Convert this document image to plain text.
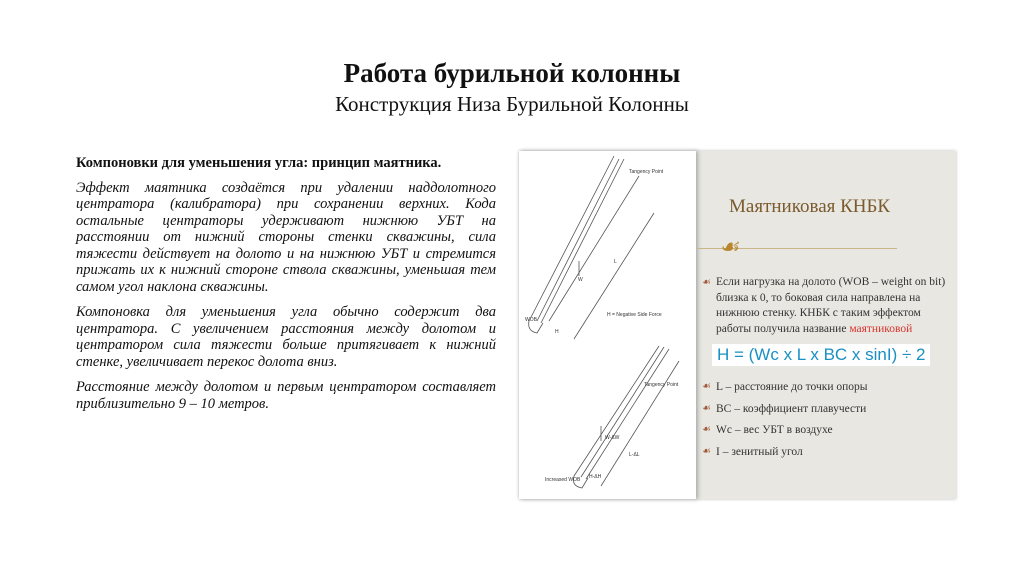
Работа бурильной колонны
Конструкция Низа Бурильной Колонны
Компоновки для уменьшения угла: принцип маятника.

Эффект маятника создаётся при удалении наддолотного центратора (калибратора) при сохранении верхних. Кода остальные центраторы удерживают нижнюю УБТ на расстоянии от нижний стороны стенки скважины, сила тяжести действует на долото и на нижнюю УБТ и стремится прижать их к нижний стороне ствола скважины, уменьшая тем самом угол наклона скважины.

Компоновка для уменьшения угла обычно содержит два центратора. С увеличением расстояния между долотом и центратором сила тяжести больше притягивает к нижний стенке, увеличивает перекос долота вниз.

Расстояние между долотом и первым центратором составляет приблизительно 9 – 10 метров.

Tangency Point
W
L
H = Negative Side Force
WOB
H
Tangency Point
W-ΔW
L-ΔL
Increased WOB H-ΔH
Маятниковая КНБК
☙
☙ Если нагрузка на долото (WOB – weight on bit) близка к 0, то боковая сила направлена на нижнюю стенку. КНБК с таким эффектом работы получила название маятниковой
H = (Wc x L x BC x sinI) ÷ 2
☙ L – расстояние до точки опоры
☙ BC – коэффициент плавучести
☙ Wc – вес УБТ в воздухе
☙ I – зенитный угол
